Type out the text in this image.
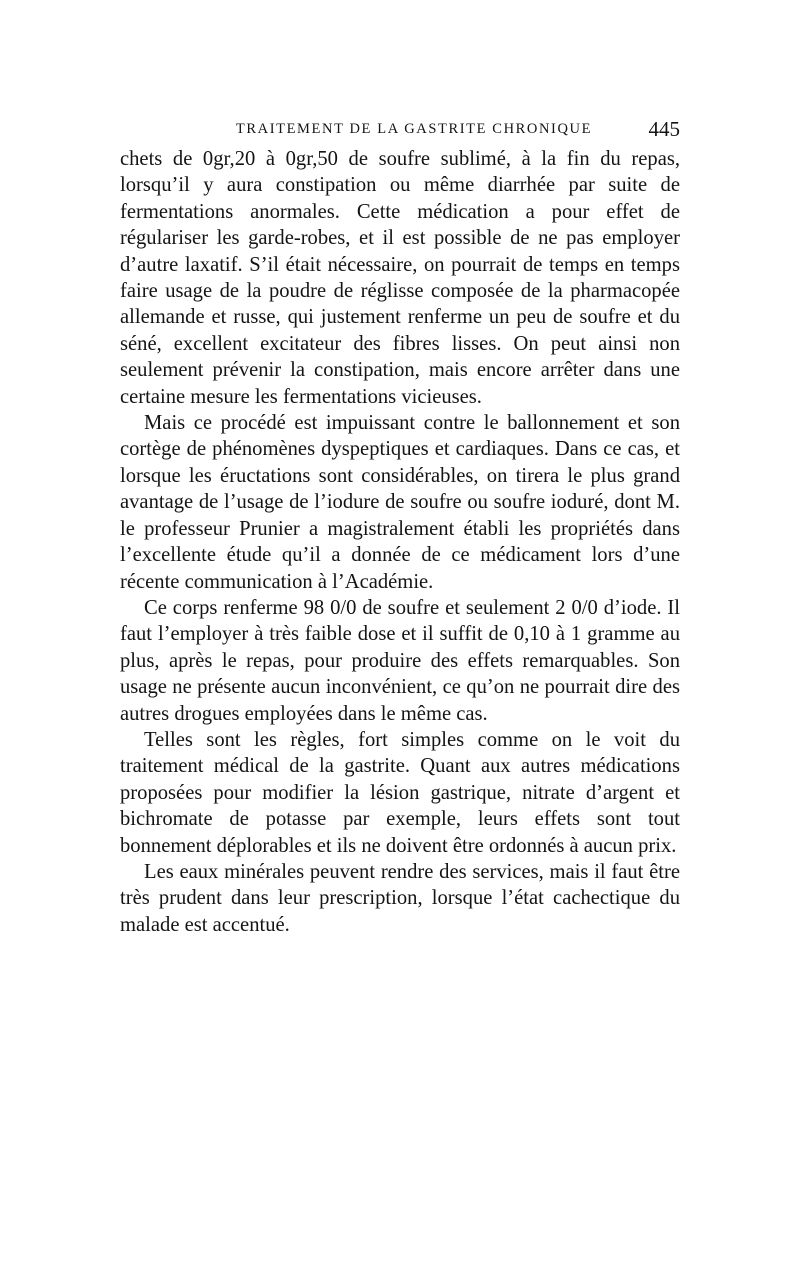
TRAITEMENT DE LA GASTRITE CHRONIQUE	445

chets de 0gr,20 à 0gr,50 de soufre sublimé, à la fin du repas, lorsqu’il y aura constipation ou même diarrhée par suite de fermentations anormales. Cette médication a pour effet de régulariser les garde-robes, et il est possible de ne pas employer d’autre laxatif. S’il était nécessaire, on pourrait de temps en temps faire usage de la poudre de réglisse composée de la pharmacopée allemande et russe, qui justement renferme un peu de soufre et du séné, excellent excitateur des fibres lisses. On peut ainsi non seulement prévenir la constipation, mais encore arrêter dans une certaine mesure les fermentations vicieuses.

Mais ce procédé est impuissant contre le ballonnement et son cortège de phénomènes dyspeptiques et cardiaques. Dans ce cas, et lorsque les éructations sont considérables, on tirera le plus grand avantage de l’usage de l’iodure de soufre ou soufre ioduré, dont M. le professeur Prunier a magistralement établi les propriétés dans l’excellente étude qu’il a donnée de ce médicament lors d’une récente communication à l’Académie.

Ce corps renferme 98 0/0 de soufre et seulement 2 0/0 d’iode. Il faut l’employer à très faible dose et il suffit de 0,10 à 1 gramme au plus, après le repas, pour produire des effets remarquables. Son usage ne présente aucun inconvénient, ce qu’on ne pourrait dire des autres drogues employées dans le même cas.

Telles sont les règles, fort simples comme on le voit du traitement médical de la gastrite. Quant aux autres médications proposées pour modifier la lésion gastrique, nitrate d’argent et bichromate de potasse par exemple, leurs effets sont tout bonnement déplorables et ils ne doivent être ordonnés à aucun prix.

Les eaux minérales peuvent rendre des services, mais il faut être très prudent dans leur prescription, lorsque l’état cachectique du malade est accentué.
